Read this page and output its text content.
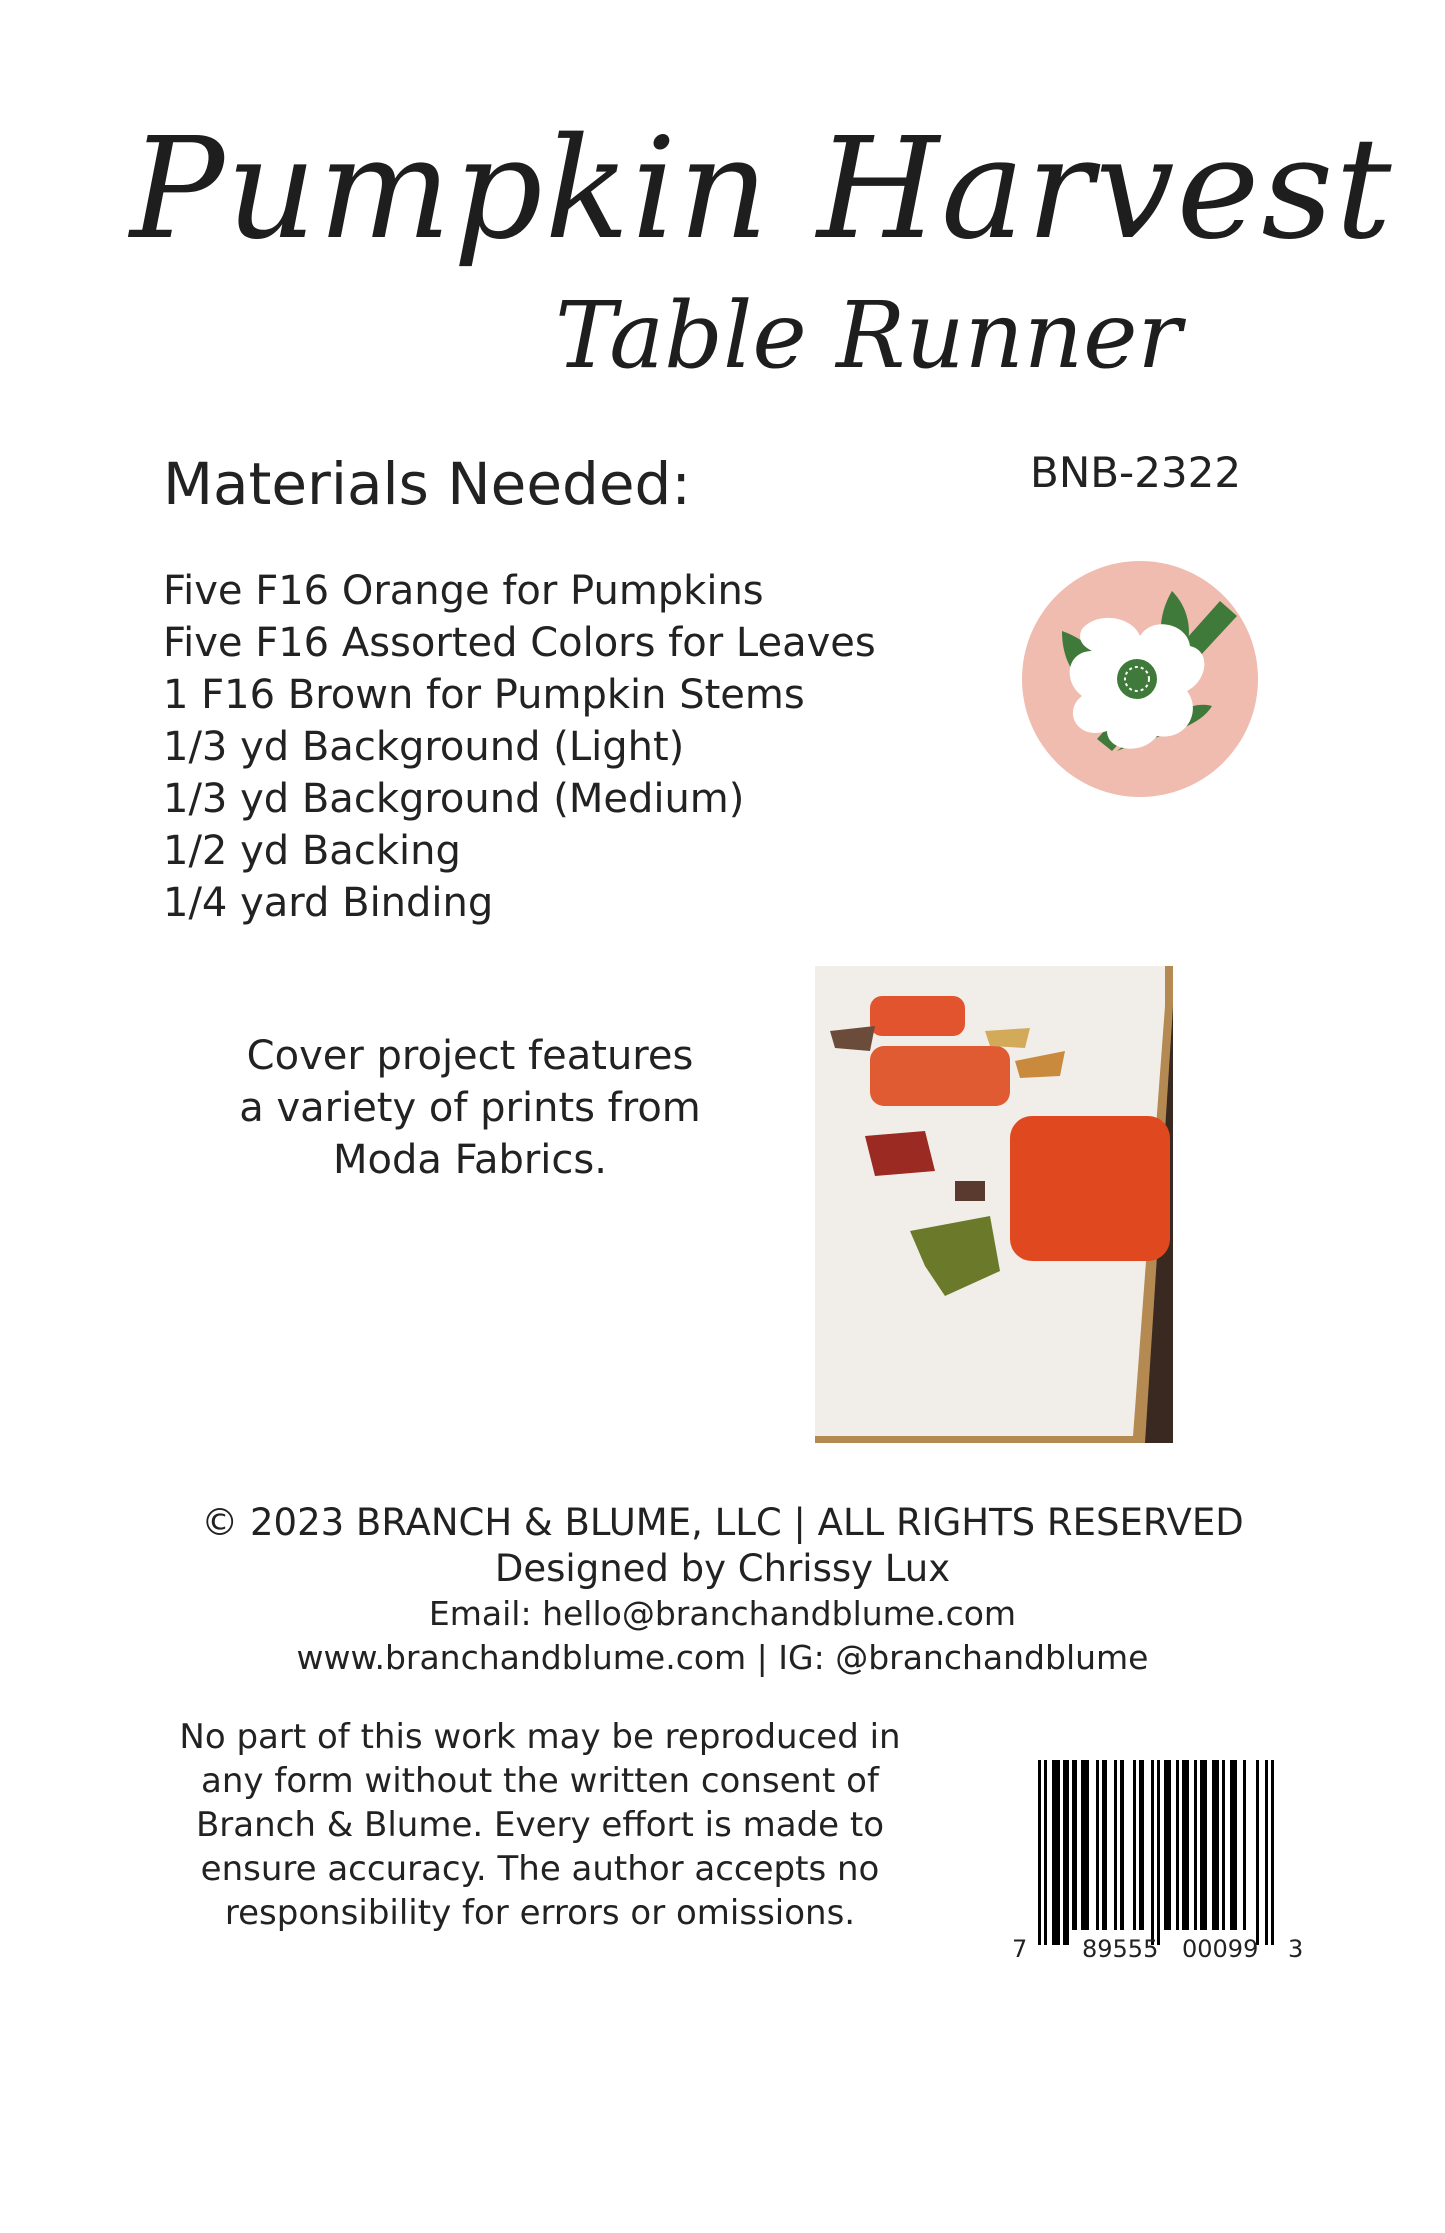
Pumpkin Harvest
Table Runner
Materials Needed:	BNB-2322
Five F16 Orange for Pumpkins
Five F16 Assorted Colors for Leaves
1 F16 Brown for Pumpkin Stems
1/3 yd Background (Light)
1/3 yd Background (Medium)
1/2 yd Backing
1/4 yard Binding
Cover project features a variety of prints from Moda Fabrics.
© 2023 BRANCH & BLUME, LLC | ALL RIGHTS RESERVED
Designed by Chrissy Lux
Email: hello@branchandblume.com
www.branchandblume.com | IG: @branchandblume
No part of this work may be reproduced in any form without the written consent of Branch & Blume. Every effort is made to ensure accuracy. The author accepts no responsibility for errors or omissions.
7 89555 00099 3
